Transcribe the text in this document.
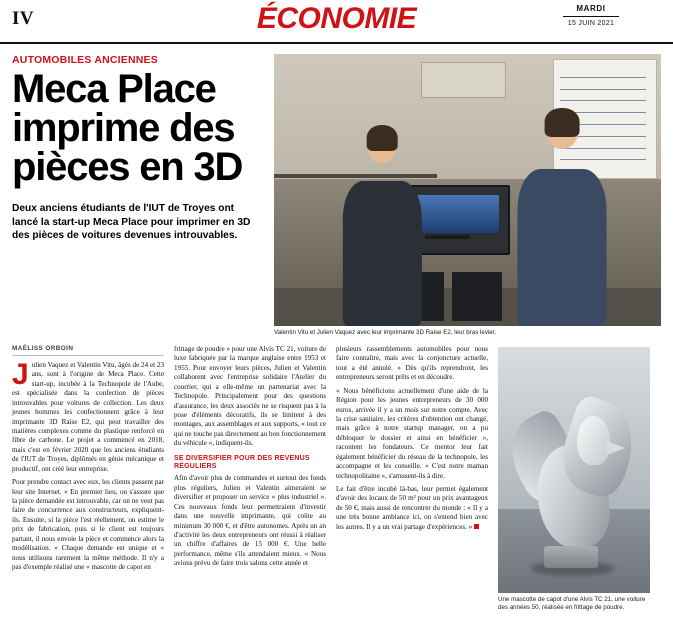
IV	ÉCONOMIE	MARDI
15 JUIN 2021
AUTOMOBILES ANCIENNES
Meca Place imprime des pièces en 3D
Deux anciens étudiants de l'IUT de Troyes ont lancé la start-up Meca Place pour imprimer en 3D des pièces de voitures devenues introuvables.
Valentin Vitu et Julien Vaquez avec leur imprimante 3D Raise E2, leur bras levier.
MAËLISS ORBOIN

Julien Vaquez et Valentin Vitu, âgés de 24 et 23 ans, sont à l'origine de Meca Place. Cette start-up, incubée à la Technopole de l'Aube, est spécialisée dans la confection de pièces introuvables pour voitures de collection. Les deux jeunes hommes les confectionnent grâce à leur imprimante 3D Raise E2, qui peut travailler des matières complexes comme du plastique renforcé en fibre de carbone. Le projet a commencé en 2018, mais c'est en février 2020 que les anciens étudiants de l'IUT de Troyes, diplômés en génie mécanique et productif, ont créé leur entreprise.

Pour prendre contact avec eux, les clients passent par leur site Internet. « En premier lieu, on s'assure que la pièce demandée est introuvable, car on ne veut pas faire de concurrence aux constructeurs, expliquent-ils. Ensuite, si la pièce l'est réellement, on estime le prix de fabrication, puis si le client est toujours partant, il nous envoie la pièce et commence alors la modélisation. » Chaque demande est unique et « nous utilisons rarement la même méthode. Il n'y a pas d'exemple réalisé une « mascotte de capot en

frittage de poudre » pour une Alvis TC 21, voiture de luxe fabriquée par la marque anglaise entre 1953 et 1955. Pour envoyer leurs pièces, Julien et Valentin collaborent avec l'entreprise solidaire l'Atelier du courrier, qui a elle-même un partenariat avec la Technopole. Principalement pour des questions d'assurance, les deux associés ne se risquent pas à la pose d'éléments décoratifs, ils se limitent à des montages, aux assemblages et aux supports, « tout ce qui ne touche pas directement au bon fonctionnement du véhicule », indiquent-ils.

SE DIVERSIFIER POUR DES REVENUS RÉGULIERS

Afin d'avoir plus de commandes et surtout des fonds plus réguliers, Julien et Valentin aimeraient se diversifier et proposer un service « plus industriel ». Ces nouveaux fonds leur permettraient d'investir dans une nouvelle imprimante, qui coûte au minimum 30 000 €, et d'être autonomes. Après un an d'activité les deux entrepreneurs ont réussi à réaliser un chiffre d'affaires de 15 000 €. Une belle performance, même s'ils attendaient mieux. « Nous avions prévu de faire trois salons cette année et

plusieurs rassemblements automobiles pour nous faire connaître, mais avec la conjoncture actuelle, tout a été annulé. » Dès qu'ils reprendront, les entrepreneurs seront prêts et en découdre.

« Nous bénéficions actuellement d'une aide de la Région pour les jeunes entrepreneurs de 30 000 euros, arrivée il y a un mois sur notre compte. Avec la crise sanitaire, les critères d'obtention ont changé, mais grâce à notre startup manager, on a pu débloquer le dossier et ainsi en bénéficier », racontent les fondateurs. Ce mentor leur fait également bénéficier du réseau de la technopole, les accompagne et les conseille. « C'est notre maman technopolitaine », s'amusent-ils à dire.

Le fait d'être incubé là-bas, leur permet également d'avoir des locaux de 50 m² pour un prix avantageux de 50 €, mais aussi de rencontrer du monde : « Il y a une très bonne ambiance ici, on s'entend bien avec les autres. Il y a un vrai partage d'expériences. »

Une mascotte de capot d'une Alvis TC 21, une voiture des années 50, réalisée en frittage de poudre.
